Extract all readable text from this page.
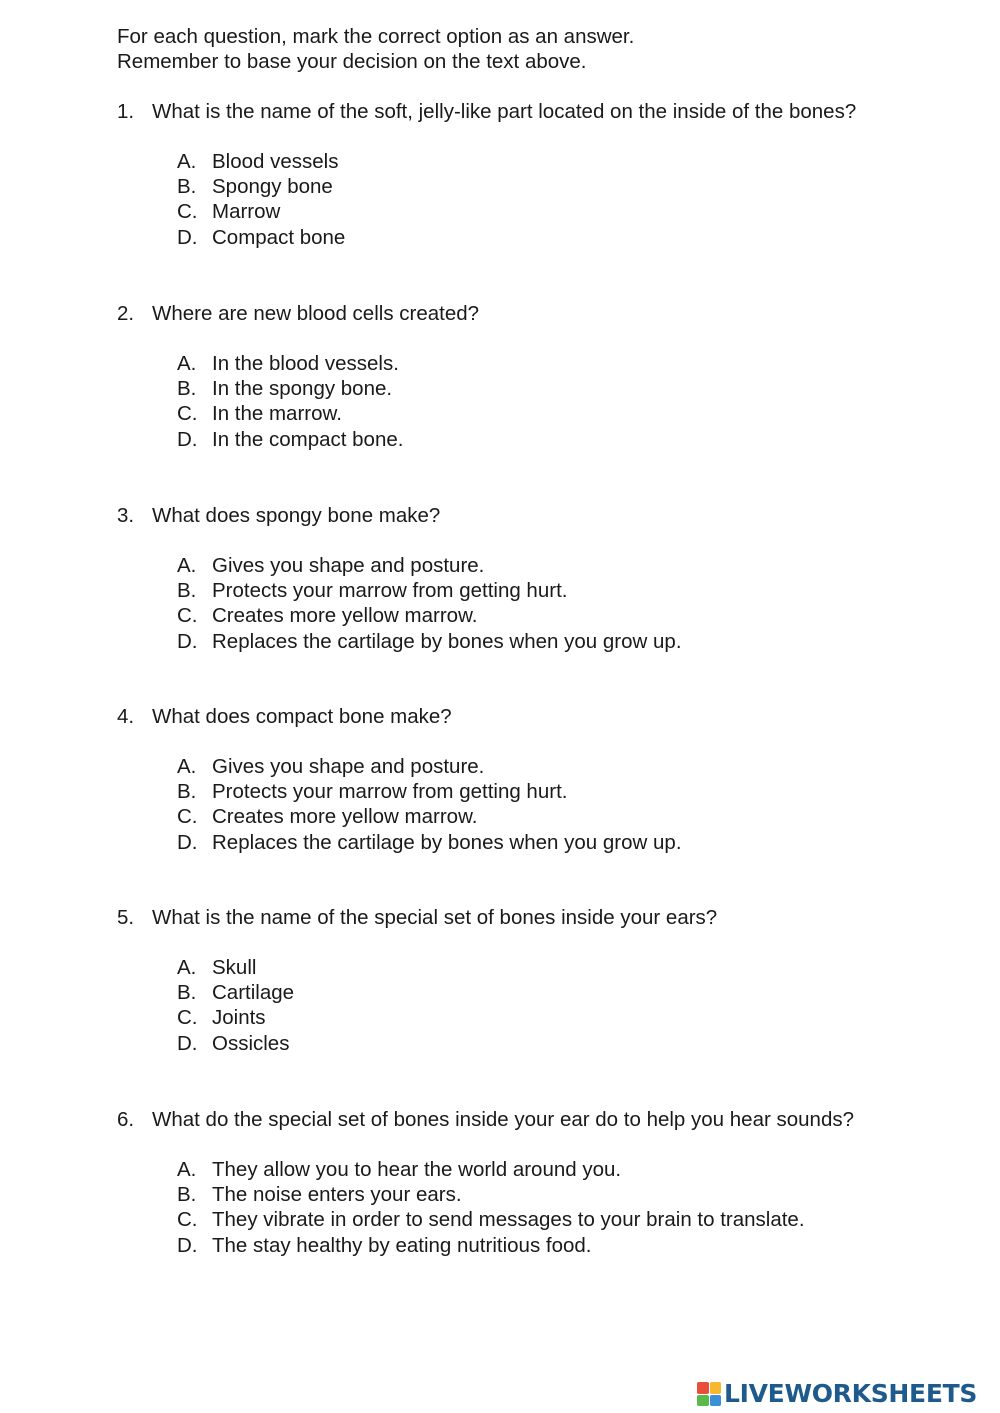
For each question, mark the correct option as an answer.
Remember to base your decision on the text above.
1. What is the name of the soft, jelly-like part located on the inside of the bones?
A. Blood vessels
B. Spongy bone
C. Marrow
D. Compact bone
2. Where are new blood cells created?
A. In the blood vessels.
B. In the spongy bone.
C. In the marrow.
D. In the compact bone.
3. What does spongy bone make?
A. Gives you shape and posture.
B. Protects your marrow from getting hurt.
C. Creates more yellow marrow.
D. Replaces the cartilage by bones when you grow up.
4. What does compact bone make?
A. Gives you shape and posture.
B. Protects your marrow from getting hurt.
C. Creates more yellow marrow.
D. Replaces the cartilage by bones when you grow up.
5. What is the name of the special set of bones inside your ears?
A. Skull
B. Cartilage
C. Joints
D. Ossicles
6. What do the special set of bones inside your ear do to help you hear sounds?
A. They allow you to hear the world around you.
B. The noise enters your ears.
C. They vibrate in order to send messages to your brain to translate.
D. The stay healthy by eating nutritious food.
LIVEWORKSHEETS
